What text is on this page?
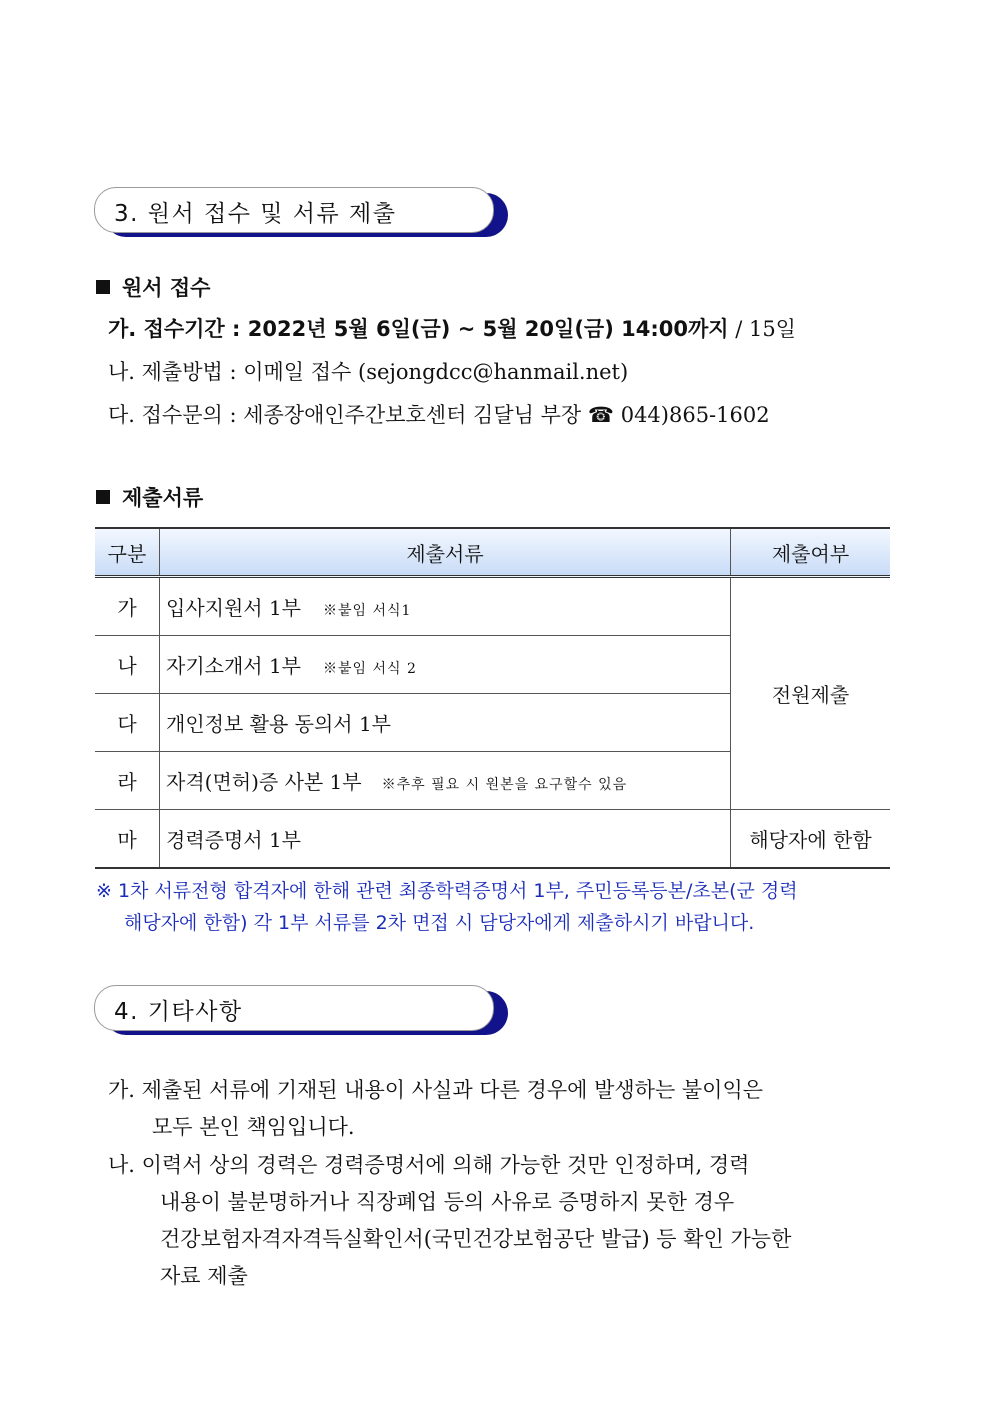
3. 원서 접수 및 서류 제출
원서 접수
가. 접수기간 : 2022년 5월 6일(금) ~ 5월 20일(금) 14:00까지 / 15일
나. 제출방법 : 이메일 접수 (sejongdcc@hanmail.net)
다. 접수문의 : 세종장애인주간보호센터 김달님 부장 ☎ 044)865-1602
제출서류
구분	제출서류	제출여부
가	입사지원서 1부 ※붙임 서식1	전원제출
나	자기소개서 1부 ※붙임 서식 2	
다	개인정보 활용 동의서 1부	
라	자격(면허)증 사본 1부 ※추후 필요 시 원본을 요구할수 있음	
마	경력증명서 1부	해당자에 한함
※ 1차 서류전형 합격자에 한해 관련 최종학력증명서 1부, 주민등록등본/초본(군 경력
해당자에 한함) 각 1부 서류를 2차 면접 시 담당자에게 제출하시기 바랍니다.
4. 기타사항
가. 제출된 서류에 기재된 내용이 사실과 다른 경우에 발생하는 불이익은
모두 본인 책임입니다.
나. 이력서 상의 경력은 경력증명서에 의해 가능한 것만 인정하며, 경력
내용이 불분명하거나 직장폐업 등의 사유로 증명하지 못한 경우
건강보험자격자격득실확인서(국민건강보험공단 발급) 등 확인 가능한
자료 제출
